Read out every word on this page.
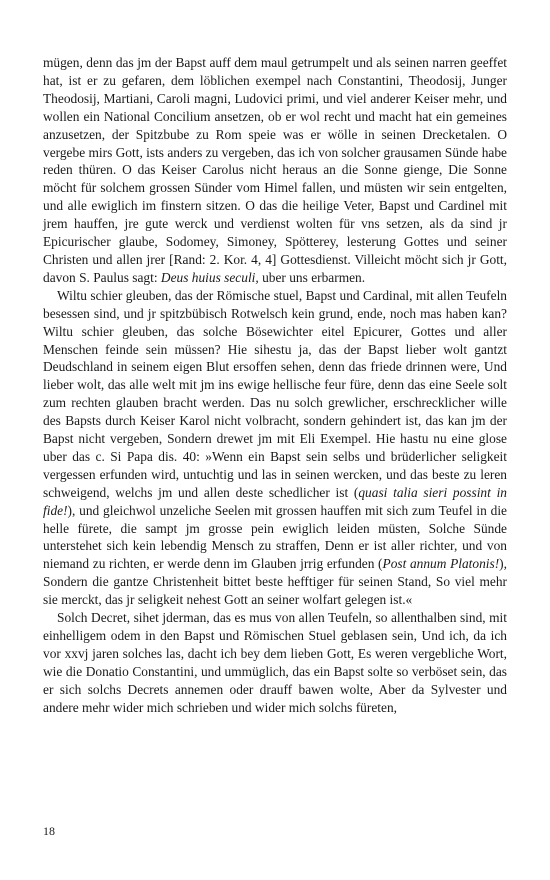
mügen, denn das jm der Bapst auff dem maul getrumpelt und als seinen narren geeffet hat, ist er zu gefaren, dem löblichen exempel nach Constantini, Theodosij, Junger Theodosij, Martiani, Caroli magni, Ludovici primi, und viel anderer Keiser mehr, und wollen ein National Concilium ansetzen, ob er wol recht und macht hat ein gemeines anzusetzen, der Spitzbube zu Rom speie was er wölle in seinen Drecketalen. O vergebe mirs Gott, ists anders zu vergeben, das ich von solcher grausamen Sünde habe reden thüren. O das Keiser Carolus nicht heraus an die Sonne gienge, Die Sonne möcht für solchem grossen Sünder vom Himel fallen, und müsten wir sein entgelten, und alle ewiglich im finstern sitzen. O das die heilige Veter, Bapst und Cardinel mit jrem hauffen, jre gute werck und verdienst wolten für vns setzen, als da sind jr Epicurischer glaube, Sodomey, Simoney, Spötterey, lesterung Gottes und seiner Christen und allen jrer [Rand: 2. Kor. 4, 4] Gottesdienst. Villeicht möcht sich jr Gott, davon S. Paulus sagt: Deus huius seculi, uber uns erbarmen.

Wiltu schier gleuben, das der Römische stuel, Bapst und Cardinal, mit allen Teufeln besessen sind, und jr spitzbübisch Rotwelsch kein grund, ende, noch mas haben kan? Wiltu schier gleuben, das solche Bösewichter eitel Epicurer, Gottes und aller Menschen feinde sein müssen? Hie sihestu ja, das der Bapst lieber wolt gantzt Deudschland in seinem eigen Blut ersoffen sehen, denn das friede drinnen were, Und lieber wolt, das alle welt mit jm ins ewige hellische feur füre, denn das eine Seele solt zum rechten glauben bracht werden. Das nu solch grewlicher, erschrecklicher wille des Bapsts durch Keiser Karol nicht volbracht, sondern gehindert ist, das kan jm der Bapst nicht vergeben, Sondern drewet jm mit Eli Exempel. Hie hastu nu eine glose uber das c. Si Papa dis. 40: »Wenn ein Bapst sein selbs und brüderlicher seligkeit vergessen erfunden wird, untuchtig und las in seinen wercken, und das beste zu leren schweigend, welchs jm und allen deste schedlicher ist (quasi talia sieri possint in fide!), und gleichwol unzeliche Seelen mit grossen hauffen mit sich zum Teufel in die helle fürete, die sampt jm grosse pein ewiglich leiden müsten, Solche Sünde unterstehet sich kein lebendig Mensch zu straffen, Denn er ist aller richter, und von niemand zu richten, er werde denn im Glauben jrrig erfunden (Post annum Platonis!), Sondern die gantze Christenheit bittet beste hefftiger für seinen Stand, So viel mehr sie merckt, das jr seligkeit nehest Gott an seiner wolfart gelegen ist.«

Solch Decret, sihet jderman, das es mus von allen Teufeln, so allenthalben sind, mit einhelligem odem in den Bapst und Römischen Stuel geblasen sein, Und ich, da ich vor xxvj jaren solches las, dacht ich bey dem lieben Gott, Es weren vergebliche Wort, wie die Donatio Constantini, und ummüglich, das ein Bapst solte so verböset sein, das er sich solchs Decrets annemen oder drauff bawen wolte, Aber da Sylvester und andere mehr wider mich schrieben und wider mich solchs füreten,

18
